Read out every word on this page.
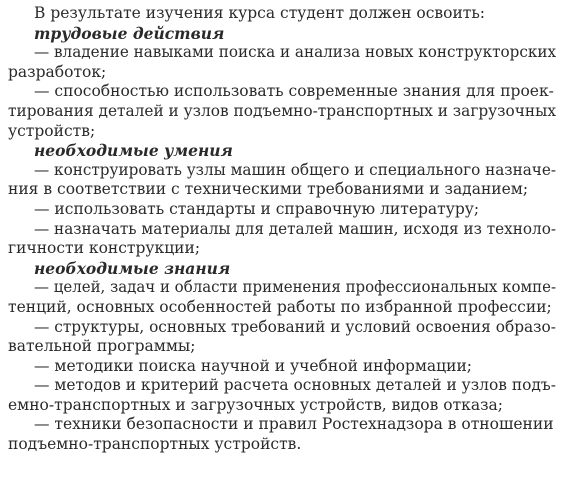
В результате изучения курса студент должен освоить:
трудовые действия
— владение навыками поиска и анализа новых конструкторских
разработок;
— способностью использовать современные знания для проек-
тирования деталей и узлов подъемно-транспортных и загрузочных
устройств;
необходимые умения
— конструировать узлы машин общего и специального назначе-
ния в соответствии с техническими требованиями и заданием;
— использовать стандарты и справочную литературу;
— назначать материалы для деталей машин, исходя из техноло-
гичности конструкции;
необходимые знания
— целей, задач и области применения профессиональных компе-
тенций, основных особенностей работы по избранной профессии;
— структуры, основных требований и условий освоения образо-
вательной программы;
— методики поиска научной и учебной информации;
— методов и критерий расчета основных деталей и узлов подъ-
емно-транспортных и загрузочных устройств, видов отказа;
— техники безопасности и правил Ростехнадзора в отношении
подъемно-транспортных устройств.
